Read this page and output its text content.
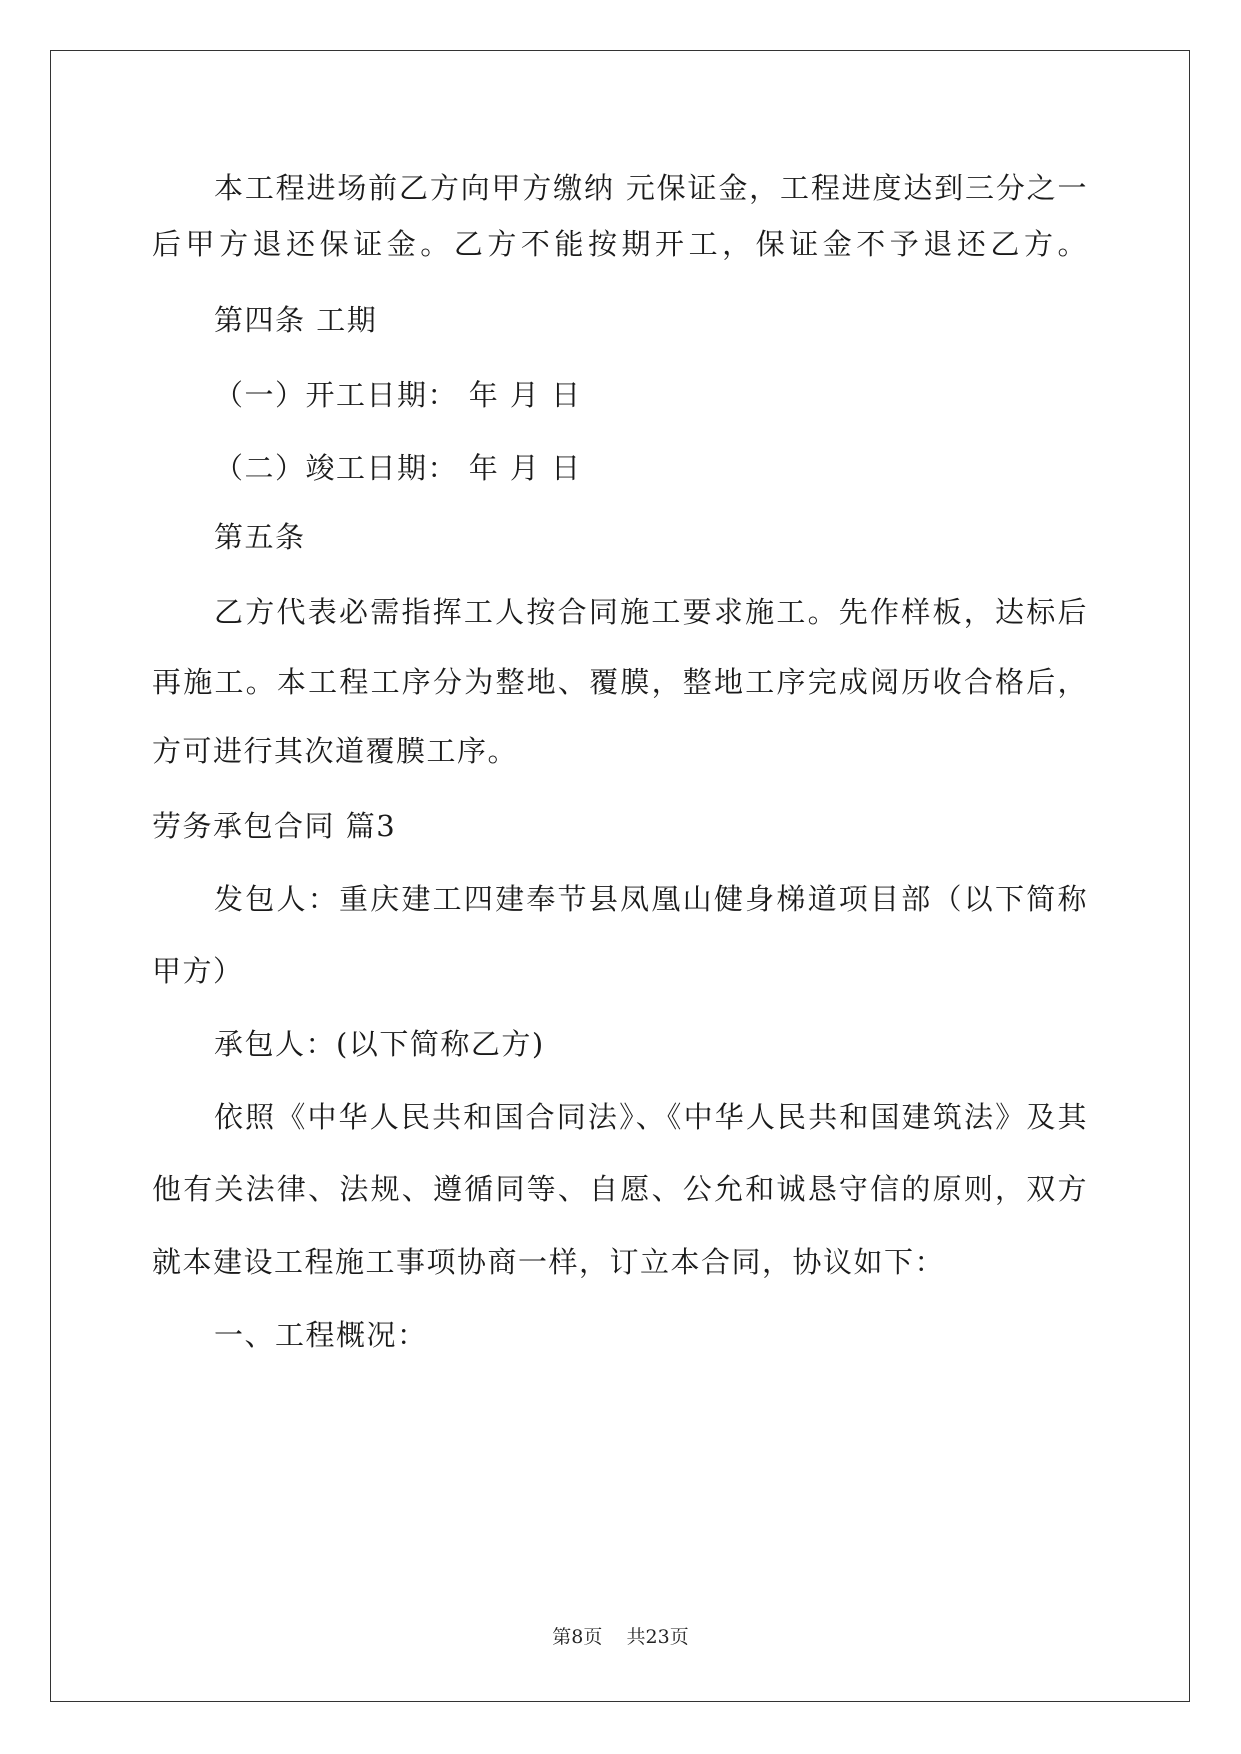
本工程进场前乙方向甲方缴纳 元保证金，工程进度达到三分之一
后甲方退还保证金。乙方不能按期开工，保证金不予退还乙方。
第四条 工期
（一）开工日期： 年 月 日
（二）竣工日期： 年 月 日
第五条
乙方代表必需指挥工人按合同施工要求施工。先作样板，达标后
再施工。本工程工序分为整地、覆膜，整地工序完成阅历收合格后，
方可进行其次道覆膜工序。
劳务承包合同 篇3
发包人：重庆建工四建奉节县凤凰山健身梯道项目部（以下简称
甲方）
承包人：(以下简称乙方)
依照《中华人民共和国合同法》、《中华人民共和国建筑法》及其
他有关法律、法规、遵循同等、自愿、公允和诚恳守信的原则，双方
就本建设工程施工事项协商一样，订立本合同，协议如下：
一、工程概况：
第8页 共23页
